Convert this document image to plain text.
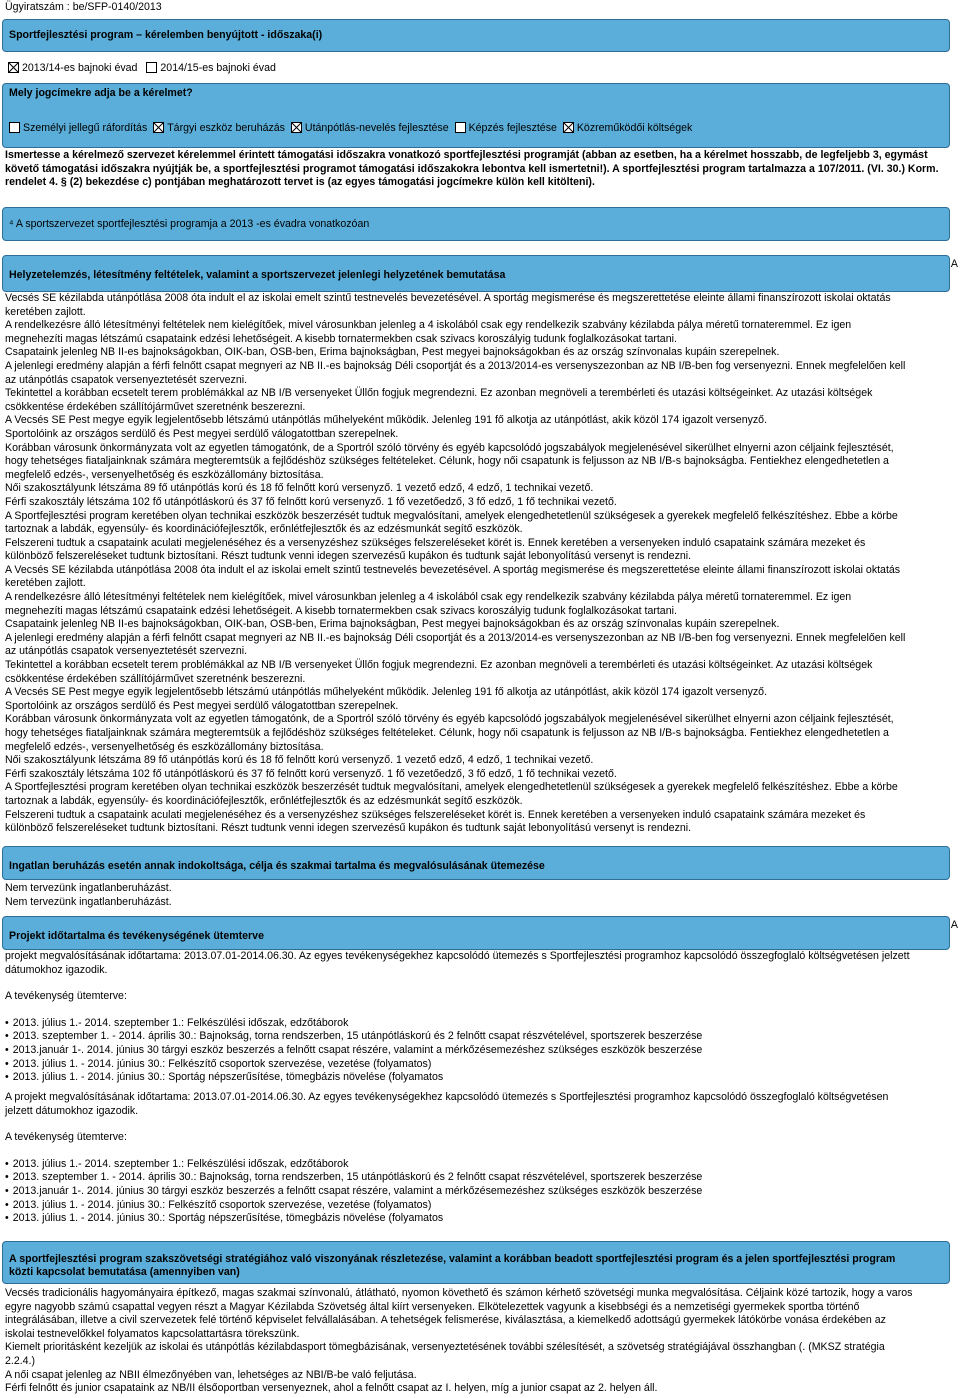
Ügyiratszám : be/SFP-0140/2013
Sportfejlesztési program – kérelemben benyújtott - időszaka(i)
2013/14-es bajnoki évad 2014/15-es bajnoki évad
Mely jogcímekre adja be a kérelmet?
Személyi jellegű ráfordítás Tárgyi eszköz beruházás Utánpótlás-nevelés fejlesztése Képzés fejlesztése Közreműködői költségek
Ismertesse a kérelmező szervezet kérelemmel érintett támogatási időszakra vonatkozó sportfejlesztési programját (abban az esetben, ha a kérelmet hosszabb, de legfeljebb 3, egymást követő támogatási időszakra nyújtják be, a sportfejlesztési programot támogatási időszakokra lebontva kell ismertetni!). A sportfejlesztési program tartalmazza a 107/2011. (VI. 30.) Korm. rendelet 4. § (2) bekezdése c) pontjában meghatározott tervet is (az egyes támogatási jogcímekre külön kell kitölteni).
⁴ A sportszervezet sportfejlesztési programja a 2013 -es évadra vonatkozóan
Helyzetelemzés, létesítmény feltételek, valamint a sportszervezet jelenlegi helyzetének bemutatása
A

Vecsés SE kézilabda utánpótlása 2008 óta indult el az iskolai emelt szintű testnevelés bevezetésével. A sportág megismerése és megszerettetése eleinte állami finanszírozott iskolai oktatás

keretében zajlott.

A rendelkezésre álló létesítményi feltételek nem kielégítőek, mivel városunkban jelenleg a 4 iskolából csak egy rendelkezik szabvány kézilabda pálya méretű tornateremmel. Ez igen

megnehezíti magas létszámú csapataink edzési lehetőségeit. A kisebb tornatermekben csak szivacs koroszályig tudunk foglalkozásokat tartani.

Csapataink jelenleg NB II-es bajnokságokban, OIK-ban, OSB-ben, Erima bajnokságban, Pest megyei bajnokságokban és az ország színvonalas kupáin szerepelnek.

A jelenlegi eredmény alapján a férfi felnőtt csapat megnyeri az NB II.-es bajnokság Déli csoportját és a 2013/2014-es versenyszezonban az NB I/B-ben fog versenyezni. Ennek megfelelően kell

az utánpótlás csapatok versenyeztetését szervezni.

Tekintettel a korábban ecsetelt terem problémákkal az NB I/B versenyeket Üllőn fogjuk megrendezni. Ez azonban megnöveli a terembérleti és utazási költségeinket. Az utazási költségek

csökkentése érdekében szállítójárművet szeretnénk beszerezni.

A Vecsés SE Pest megye egyik legjelentősebb létszámú utánpótlás műhelyeként működik. Jelenleg 191 fő alkotja az utánpótlást, akik közöl 174 igazolt versenyző.

Sportolóink az országos serdülő és Pest megyei serdülő válogatottban szerepelnek.

Korábban városunk önkormányzata volt az egyetlen támogatónk, de a Sportról szóló törvény és egyéb kapcsolódó jogszabályok megjelenésével sikerülhet elnyerni azon céljaink fejlesztését,

hogy tehetséges fiataljainknak számára megteremtsük a fejlődéshöz szükséges feltételeket. Célunk, hogy női csapatunk is feljusson az NB I/B-s bajnokságba. Fentiekhez elengedhetetlen a

megfelelő edzés-, versenyelhetőség és eszközállomány biztosítása.

Női szakosztályunk létszáma 89 fő utánpótlás korú és 18 fő felnőtt korú versenyző. 1 vezető edző, 4 edző, 1 technikai vezető.

Férfi szakosztály létszáma 102 fő utánpótláskorú és 37 fő felnőtt korú versenyző. 1 fő vezetőedző, 3 fő edző, 1 fő technikai vezető.

A Sportfejlesztési program keretében olyan technikai eszközök beszerzését tudtuk megvalósítani, amelyek elengedhetetlenül szükségesek a gyerekek megfelelő felkészítéshez. Ebbe a körbe

tartoznak a labdák, egyensúly- és koordinációfejlesztők, erőnlétfejlesztők és az edzésmunkát segítő eszközök.

Felszereni tudtuk a csapataink aculati megjelenéséhez és a versenyzéshez szükséges felszereléseket körét is. Ennek keretében a versenyeken induló csapataink számára mezeket és

különböző felszereléseket tudtunk biztosítani. Részt tudtunk venni idegen szervezésű kupákon és tudtunk saját lebonyolítású versenyt is rendezni.

A Vecsés SE kézilabda utánpótlása 2008 óta indult el az iskolai emelt szintű testnevelés bevezetésével. A sportág megismerése és megszerettetése eleinte állami finanszírozott iskolai oktatás

keretében zajlott.

A rendelkezésre álló létesítményi feltételek nem kielégítőek, mivel városunkban jelenleg a 4 iskolából csak egy rendelkezik szabvány kézilabda pálya méretű tornateremmel. Ez igen

megnehezíti magas létszámú csapataink edzési lehetőségeit. A kisebb tornatermekben csak szivacs koroszályig tudunk foglalkozásokat tartani.

Csapataink jelenleg NB II-es bajnokságokban, OIK-ban, OSB-ben, Erima bajnokságban, Pest megyei bajnokságokban és az ország színvonalas kupáin szerepelnek.

A jelenlegi eredmény alapján a férfi felnőtt csapat megnyeri az NB II.-es bajnokság Déli csoportját és a 2013/2014-es versenyszezonban az NB I/B-ben fog versenyezni. Ennek megfelelően kell

az utánpótlás csapatok versenyeztetését szervezni.

Tekintettel a korábban ecsetelt terem problémákkal az NB I/B versenyeket Üllőn fogjuk megrendezni. Ez azonban megnöveli a terembérleti és utazási költségeinket. Az utazási költségek

csökkentése érdekében szállítójárművet szeretnénk beszerezni.

A Vecsés SE Pest megye egyik legjelentősebb létszámú utánpótlás műhelyeként működik. Jelenleg 191 fő alkotja az utánpótlást, akik közöl 174 igazolt versenyző.

Sportolóink az országos serdülő és Pest megyei serdülő válogatottban szerepelnek.

Korábban városunk önkormányzata volt az egyetlen támogatónk, de a Sportról szóló törvény és egyéb kapcsolódó jogszabályok megjelenésével sikerülhet elnyerni azon céljaink fejlesztését,

hogy tehetséges fiataljainknak számára megteremtsük a fejlődéshöz szükséges feltételeket. Célunk, hogy női csapatunk is feljusson az NB I/B-s bajnokságba. Fentiekhez elengedhetetlen a

megfelelő edzés-, versenyelhetőség és eszközállomány biztosítása.

Női szakosztályunk létszáma 89 fő utánpótlás korú és 18 fő felnőtt korú versenyző. 1 vezető edző, 4 edző, 1 technikai vezető.

Férfi szakosztály létszáma 102 fő utánpótláskorú és 37 fő felnőtt korú versenyző. 1 fő vezetőedző, 3 fő edző, 1 fő technikai vezető.

A Sportfejlesztési program keretében olyan technikai eszközök beszerzését tudtuk megvalósítani, amelyek elengedhetetlenül szükségesek a gyerekek megfelelő felkészítéshez. Ebbe a körbe

tartoznak a labdák, egyensúly- és koordinációfejlesztők, erőnlétfejlesztők és az edzésmunkát segítő eszközök.

Felszereni tudtuk a csapataink aculati megjelenéséhez és a versenyzéshez szükséges felszereléseket körét is. Ennek keretében a versenyeken induló csapataink számára mezeket és

különböző felszereléseket tudtunk biztosítani. Részt tudtunk venni idegen szervezésű kupákon és tudtunk saját lebonyolítású versenyt is rendezni.

Ingatlan beruházás esetén annak indokoltsága, célja és szakmai tartalma és megvalósulásának ütemezése

Nem tervezünk ingatlanberuházást.

Nem tervezünk ingatlanberuházást.

Projekt időtartalma és tevékenységének ütemterve
A

projekt megvalósításának időtartama: 2013.07.01-2014.06.30. Az egyes tevékenységekhez kapcsolódó ütemezés s Sportfejlesztési programhoz kapcsolódó összegfoglaló költségvetésen jelzett

dátumokhoz igazodik.

A tevékenység ütemterve:

• 2013. július 1.- 2014. szeptember 1.: Felkészülési időszak, edzőtáborok
• 2013. szeptember 1. - 2014. április 30.: Bajnokság, torna rendszerben, 15 utánpótláskorú és 2 felnőtt csapat részvételével, sportszerek beszerzése
• 2013.január 1-. 2014. június 30 tárgyi eszköz beszerzés a felnőtt csapat részére, valamint a mérkőzésemezéshez szükséges eszközök beszerzése
• 2013. július 1. - 2014. június 30.: Felkészítő csoportok szervezése, vezetése (folyamatos)
• 2013. július 1. - 2014. június 30.: Sportág népszerűsítése, tömegbázis növelése (folyamatos

A projekt megvalósításának időtartama: 2013.07.01-2014.06.30. Az egyes tevékenységekhez kapcsolódó ütemezés s Sportfejlesztési programhoz kapcsolódó összegfoglaló költségvetésen

jelzett dátumokhoz igazodik.

A tevékenység ütemterve:

• 2013. július 1.- 2014. szeptember 1.: Felkészülési időszak, edzőtáborok
• 2013. szeptember 1. - 2014. április 30.: Bajnokság, torna rendszerben, 15 utánpótláskorú és 2 felnőtt csapat részvételével, sportszerek beszerzése
• 2013.január 1-. 2014. június 30 tárgyi eszköz beszerzés a felnőtt csapat részére, valamint a mérkőzésemezéshez szükséges eszközök beszerzése
• 2013. július 1. - 2014. június 30.: Felkészítő csoportok szervezése, vezetése (folyamatos)
• 2013. július 1. - 2014. június 30.: Sportág népszerűsítése, tömegbázis növelése (folyamatos
A sportfejlesztési program szakszövetségi stratégiához való viszonyának részletezése, valamint a korábban beadott sportfejlesztési program és a jelen sportfejlesztési program
közti kapcsolat bemutatása (amennyiben van)

Vecsés tradicionális hagyományaira építkező, magas szakmai színvonalú, átlátható, nyomon követhető és számon kérhető szövetségi munka megvalósítása. Céljaink közé tartozik, hogy a varos

egyre nagyobb számú csapattal vegyen részt a Magyar Kézilabda Szövetség által kiírt versenyeken. Elkötelezettek vagyunk a kisebbségi és a nemzetiségi gyermekek sportba történő

integrálásában, illetve a civil szervezetek felé történő képviselet felvállalásában. A tehetségek felismerése, kiválasztása, a kiemelkedő adottságú gyermekek látókörbe vonása érdekében az

iskolai testnevelőkkel folyamatos kapcsolattartásra törekszünk.

Kiemelt prioritásként kezeljük az iskolai és utánpótlás kézilabdasport tömegbázisának, versenyeztetésének további szélesítését, a szövetség stratégiájával összhangban (. (MKSZ stratégia

2.2.4.)

A női csapat jelenleg az NBII élmezőnyében van, lehetséges az NBI/B-be való feljutása.

Férfi felnőtt és junior csapataink az NB/II élsőoportban versenyeznek, ahol a felnőtt csapat az I. helyen, míg a junior csapat az 2. helyen áll.
